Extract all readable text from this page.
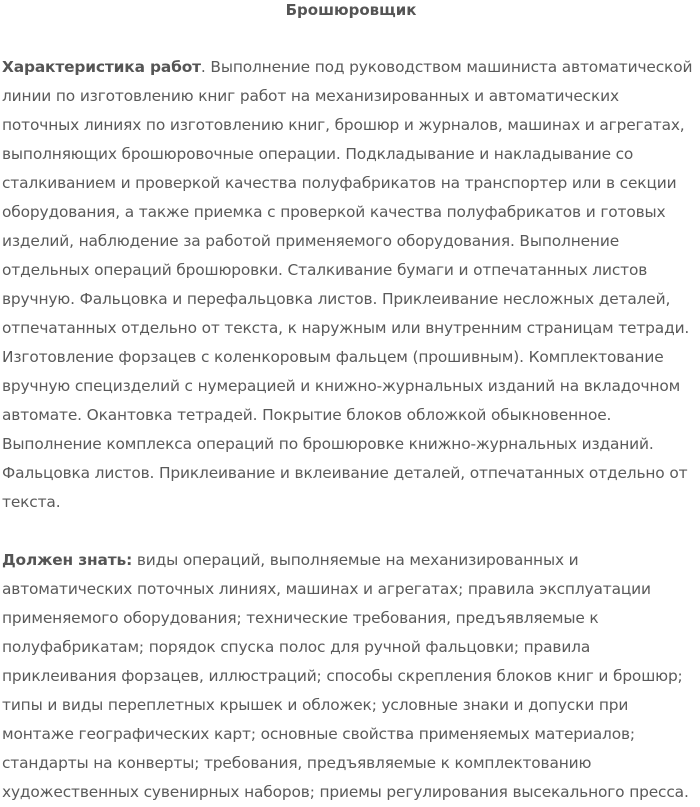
Брошюровщик

Характеристика работ. Выполнение под руководством машиниста автоматической линии по изготовлению книг работ на механизированных и автоматических поточных линиях по изготовлению книг, брошюр и журналов, машинах и агрегатах, выполняющих брошюровочные операции. Подкладывание и накладывание со сталкиванием и проверкой качества полуфабрикатов на транспортер или в секции оборудования, а также приемка с проверкой качества полуфабрикатов и готовых изделий, наблюдение за работой применяемого оборудования. Выполнение отдельных операций брошюровки. Сталкивание бумаги и отпечатанных листов вручную. Фальцовка и перефальцовка листов. Приклеивание несложных деталей, отпечатанных отдельно от текста, к наружным или внутренним страницам тетради. Изготовление форзацев с коленкоровым фальцем (прошивным). Комплектование вручную специзделий с нумерацией и книжно-журнальных изданий на вкладочном автомате. Окантовка тетрадей. Покрытие блоков обложкой обыкновенное. Выполнение комплекса операций по брошюровке книжно-журнальных изданий. Фальцовка листов. Приклеивание и вклеивание деталей, отпечатанных отдельно от текста.

Должен знать: виды операций, выполняемые на механизированных и автоматических поточных линиях, машинах и агрегатах; правила эксплуатации применяемого оборудования; технические требования, предъявляемые к полуфабрикатам; порядок спуска полос для ручной фальцовки; правила приклеивания форзацев, иллюстраций; способы скрепления блоков книг и брошюр; типы и виды переплетных крышек и обложек; условные знаки и допуски при монтаже географических карт; основные свойства применяемых материалов; стандарты на конверты; требования, предъявляемые к комплектованию художественных сувенирных наборов; приемы регулирования высекального пресса.
